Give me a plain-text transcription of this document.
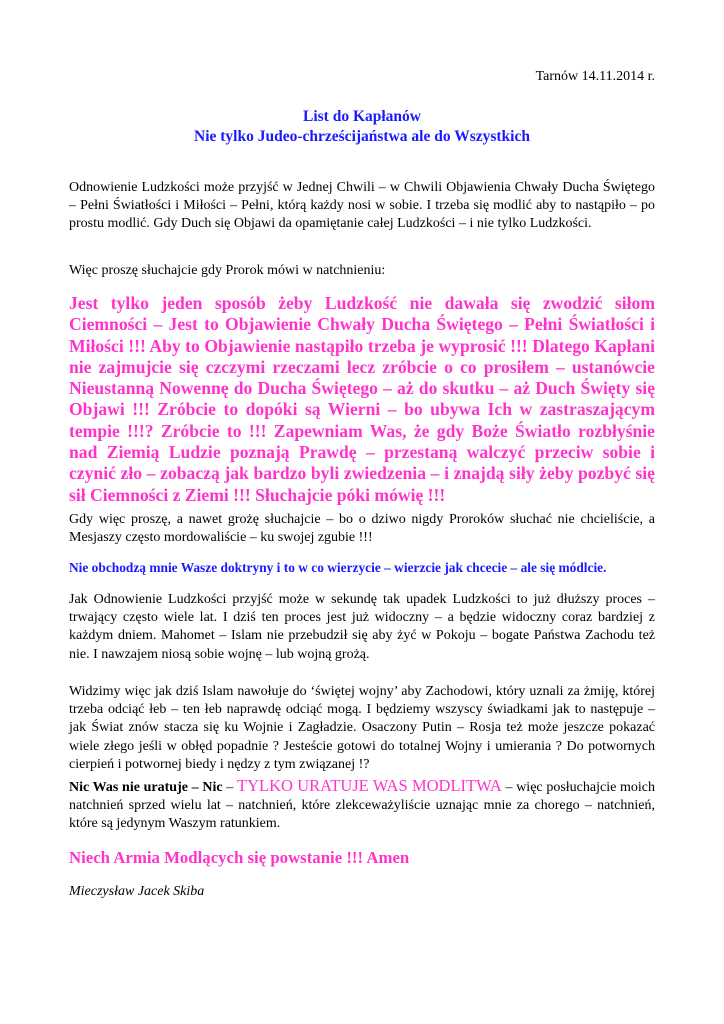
Tarnów 14.11.2014 r.
List do Kapłanów
Nie tylko Judeo-chrześcijaństwa ale do Wszystkich

Odnowienie Ludzkości może przyjść w Jednej Chwili – w Chwili Objawienia Chwały Ducha Świętego – Pełni Światłości i Miłości – Pełni, którą każdy nosi w sobie. I trzeba się modlić aby to nastąpiło – po prostu modlić. Gdy Duch się Objawi da opamiętanie całej Ludzkości – i nie tylko Ludzkości.

Więc proszę słuchajcie gdy Prorok mówi w natchnieniu:

Jest tylko jeden sposób żeby Ludzkość nie dawała się zwodzić siłom Ciemności – Jest to Objawienie Chwały Ducha Świętego – Pełni Światłości i Miłości !!! Aby to Objawienie nastąpiło trzeba je wyprosić !!! Dlatego Kapłani nie zajmujcie się czczymi rzeczami lecz zróbcie o co prosiłem – ustanówcie Nieustanną Nowennę do Ducha Świętego – aż do skutku – aż Duch Święty się Objawi !!! Zróbcie to dopóki są Wierni – bo ubywa Ich w zastraszającym tempie !!!? Zróbcie to !!! Zapewniam Was, że gdy Boże Światło rozbłyśnie nad Ziemią Ludzie poznają Prawdę – przestaną walczyć przeciw sobie i czynić zło – zobaczą jak bardzo byli zwiedzenia – i znajdą siły żeby pozbyć się sił Ciemności z Ziemi !!! Słuchajcie póki mówię !!!

Gdy więc proszę, a nawet grożę słuchajcie – bo o dziwo nigdy Proroków słuchać nie chcieliście, a Mesjaszy często mordowaliście – ku swojej zgubie !!!

Nie obchodzą mnie Wasze doktryny i to w co wierzycie – wierzcie jak chcecie – ale się módlcie.

Jak Odnowienie Ludzkości przyjść może w sekundę tak upadek Ludzkości to już dłuższy proces – trwający często wiele lat. I dziś ten proces jest już widoczny – a będzie widoczny coraz bardziej z każdym dniem. Mahomet – Islam nie przebudził się aby żyć w Pokoju – bogate Państwa Zachodu też nie. I nawzajem niosą sobie wojnę – lub wojną grożą.

Widzimy więc jak dziś Islam nawołuje do ‘świętej wojny’ aby Zachodowi, który uznali za żmiję, której trzeba odciąć łeb – ten łeb naprawdę odciąć mogą. I będziemy wszyscy świadkami jak to następuje – jak Świat znów stacza się ku Wojnie i Zagładzie. Osaczony Putin – Rosja też może jeszcze pokazać wiele złego jeśli w obłęd popadnie ? Jesteście gotowi do totalnej Wojny i umierania ? Do potwornych cierpień i potwornej biedy i nędzy z tym związanej !?

Nic Was nie uratuje – Nic – TYLKO URATUJE WAS MODLITWA – więc posłuchajcie moich natchnień sprzed wielu lat – natchnień, które zlekceważyliście uznając mnie za chorego – natchnień, które są jedynym Waszym ratunkiem.

Niech Armia Modlących się powstanie !!! Amen

Mieczysław Jacek Skiba
